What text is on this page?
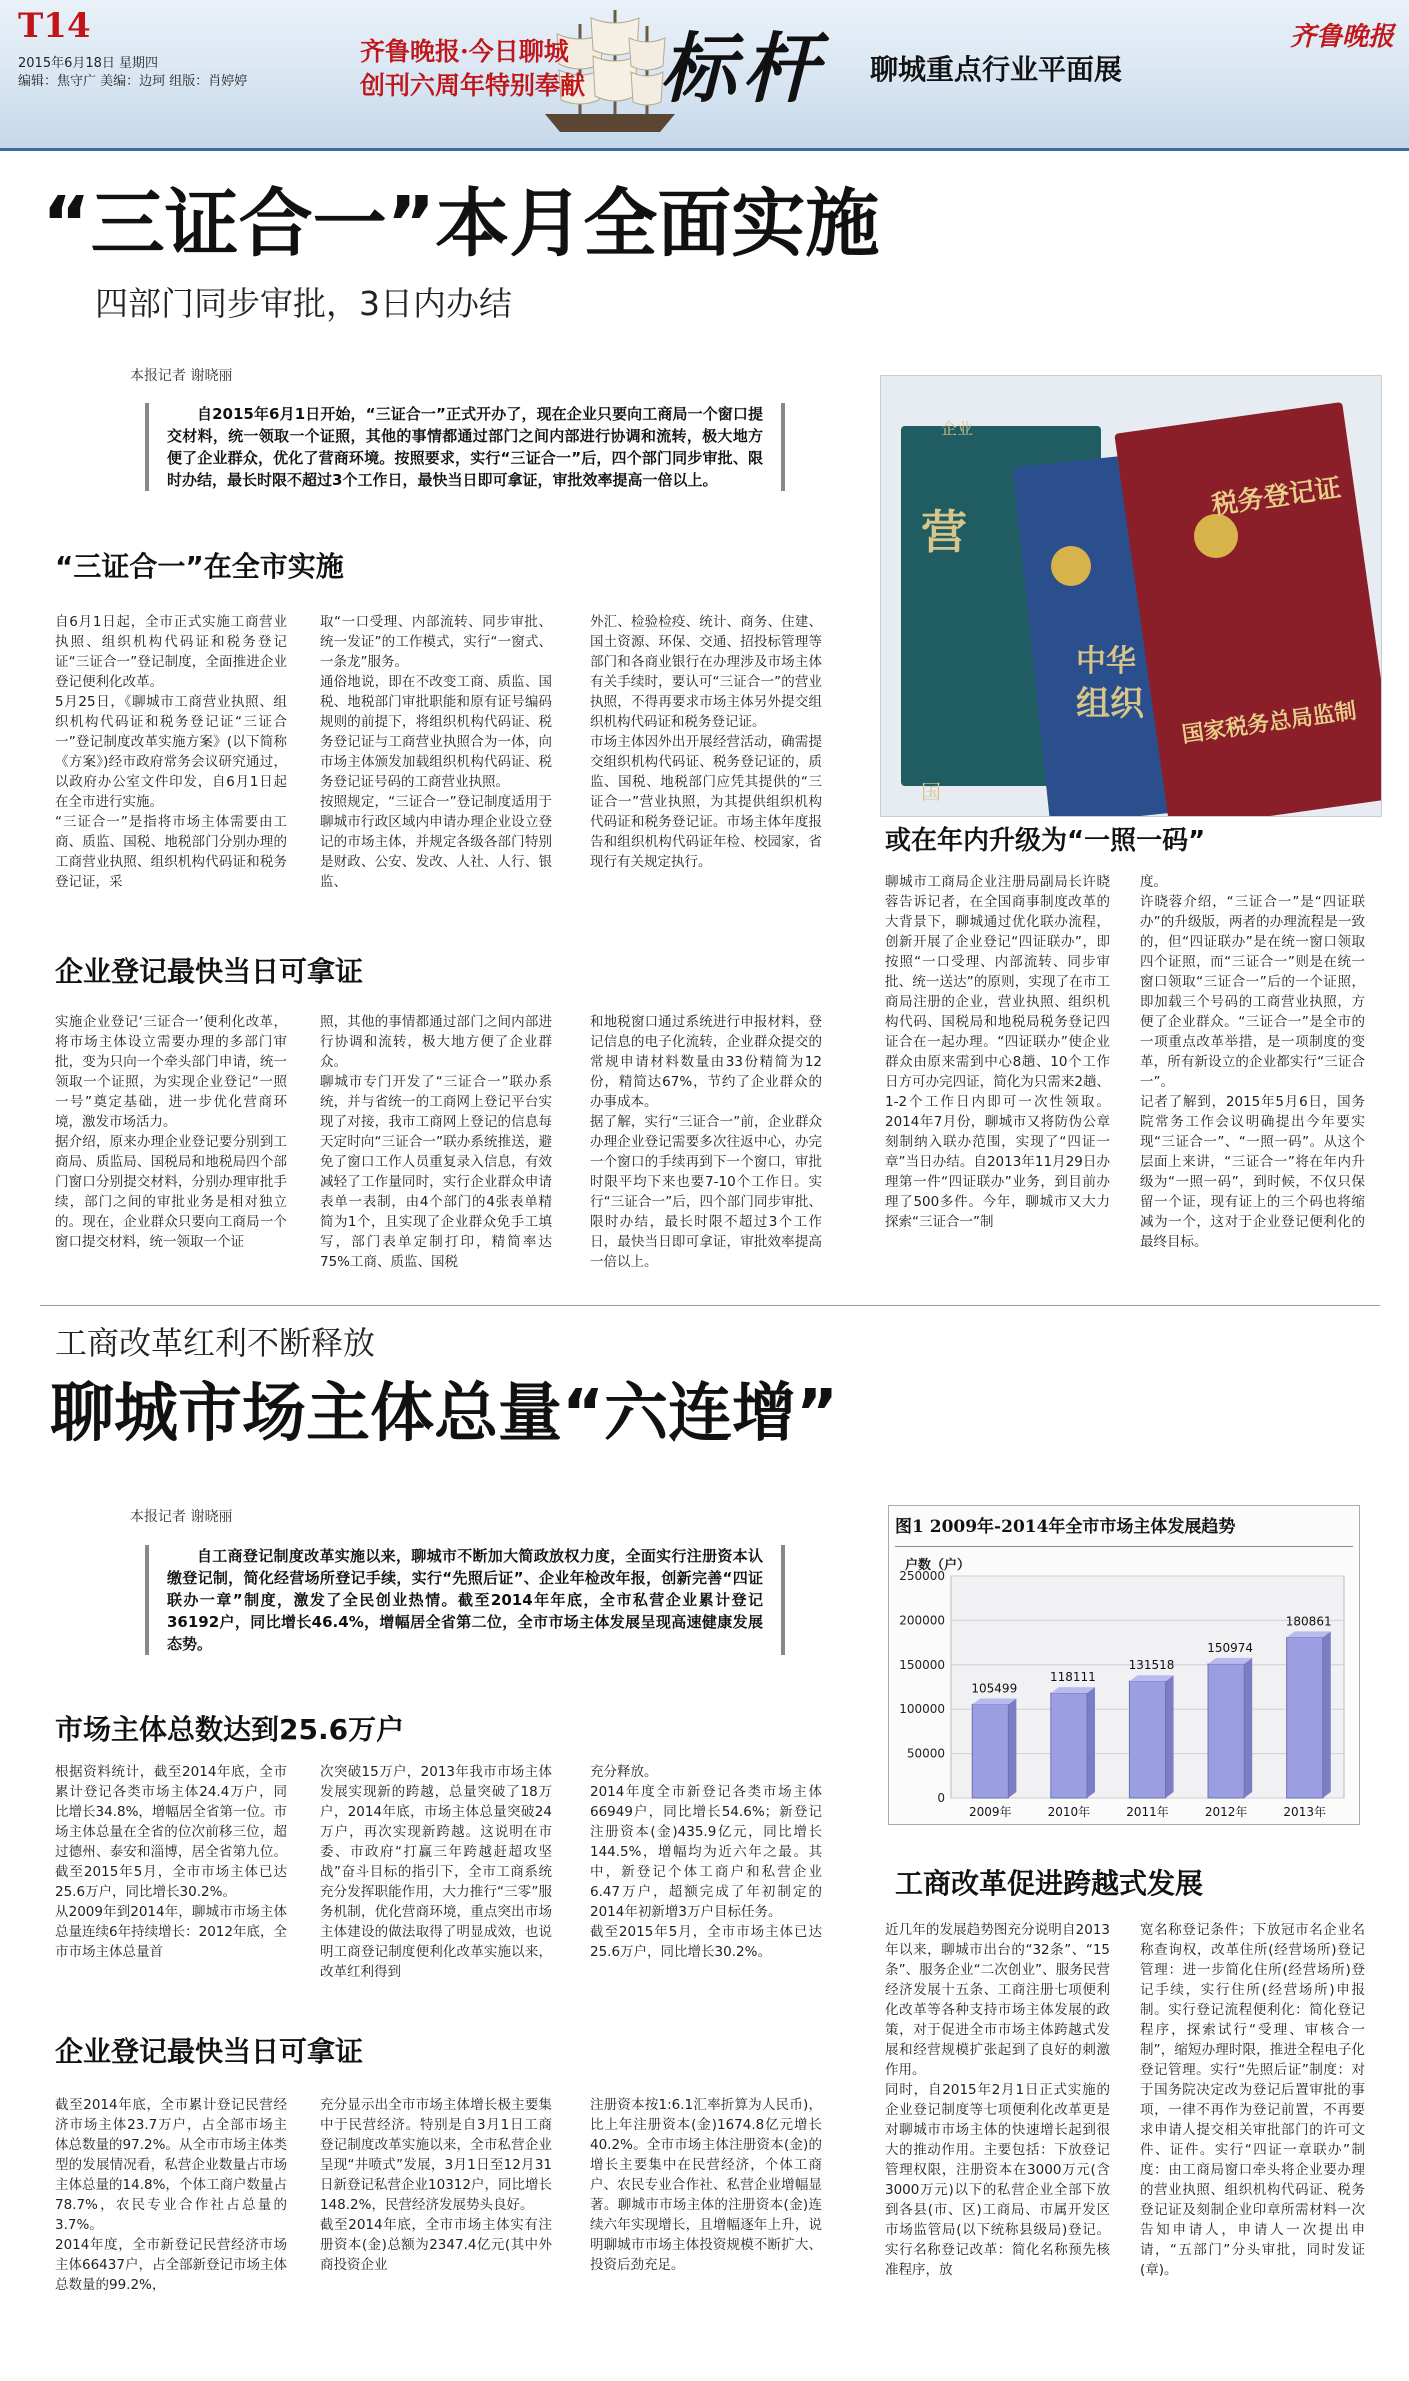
T14
2015年6月18日 星期四
编辑：焦守广 美编：边珂 组版：肖婷婷
齐鲁晚报·今日聊城
创刊六周年特别奉献 标杆 聊城重点行业平面展
齐鲁晚报
“三证合一”本月全面实施
四部门同步审批，3日内办结
本报记者 谢晓丽
自2015年6月1日开始，“三证合一”正式开办了，现在企业只要向工商局一个窗口提交材料，统一领取一个证照，其他的事情都通过部门之间内部进行协调和流转，极大地方便了企业群众，优化了营商环境。按照要求，实行“三证合一”后，四个部门同步审批、限时办结，最长时限不超过3个工作日，最快当日即可拿证，审批效率提高一倍以上。
“三证合一”在全市实施
自6月1日起，全市正式实施工商营业执照、组织机构代码证和税务登记证“三证合一”登记制度，全面推进企业登记便利化改革。
5月25日，《聊城市工商营业执照、组织机构代码证和税务登记证“三证合一”登记制度改革实施方案》(以下简称《方案》)经市政府常务会议研究通过，以政府办公室文件印发，自6月1日起在全市进行实施。
“三证合一”是指将市场主体需要由工商、质监、国税、地税部门分别办理的工商营业执照、组织机构代码证和税务登记证，采
取“一口受理、内部流转、同步审批、统一发证”的工作模式，实行“一窗式、一条龙”服务。
通俗地说，即在不改变工商、质监、国税、地税部门审批职能和原有证号编码规则的前提下，将组织机构代码证、税务登记证与工商营业执照合为一体，向市场主体颁发加载组织机构代码证、税务登记证号码的工商营业执照。
按照规定，“三证合一”登记制度适用于聊城市行政区域内申请办理企业设立登记的市场主体，并规定各级各部门特别是财政、公安、发改、人社、人行、银监、
外汇、检验检疫、统计、商务、住建、国土资源、环保、交通、招投标管理等部门和各商业银行在办理涉及市场主体有关手续时，要认可“三证合一”的营业执照，不得再要求市场主体另外提交组织机构代码证和税务登记证。
市场主体因外出开展经营活动，确需提交组织机构代码证、税务登记证的，质监、国税、地税部门应凭其提供的“三证合一”营业执照，为其提供组织机构代码证和税务登记证。市场主体年度报告和组织机构代码证年检、校园家，省现行有关规定执行。
企业登记最快当日可拿证
实施企业登记‘三证合一’便利化改革，将市场主体设立需要办理的多部门审批，变为只向一个牵头部门申请，统一领取一个证照，为实现企业登记“一照一号”奠定基础，进一步优化营商环境，激发市场活力。
据介绍，原来办理企业登记要分别到工商局、质监局、国税局和地税局四个部门窗口分别提交材料，分别办理审批手续，部门之间的审批业务是相对独立的。现在，企业群众只要向工商局一个窗口提交材料，统一领取一个证
照，其他的事情都通过部门之间内部进行协调和流转，极大地方便了企业群众。
聊城市专门开发了“三证合一”联办系统，并与省统一的工商网上登记平台实现了对接，我市工商网上登记的信息每天定时向“三证合一”联办系统推送，避免了窗口工作人员重复录入信息，有效减轻了工作量同时，实行企业群众申请表单一表制，由4个部门的4张表单精简为1个，且实现了企业群众免手工填写，部门表单定制打印，精简率达75%工商、质监、国税
和地税窗口通过系统进行申报材料，登记信息的电子化流转，企业群众提交的常规申请材料数量由33份精简为12份，精简达67%，节约了企业群众的办事成本。
据了解，实行“三证合一”前，企业群众办理企业登记需要多次往返中心，办完一个窗口的手续再到下一个窗口，审批时限平均下来也要7-10个工作日。实行“三证合一”后，四个部门同步审批、限时办结，最长时限不超过3个工作日，最快当日即可拿证，审批效率提高一倍以上。
营
企业
中华
组织
国
税务登记证
国家税务总局监制
或在年内升级为“一照一码”
聊城市工商局企业注册局副局长许晓蓉告诉记者，在全国商事制度改革的大背景下，聊城通过优化联办流程，创新开展了企业登记“四证联办”，即按照“一口受理、内部流转、同步审批、统一送达”的原则，实现了在市工商局注册的企业，营业执照、组织机构代码、国税局和地税局税务登记四证合在一起办理。“四证联办”使企业群众由原来需到中心8趟、10个工作日方可办完四证，简化为只需来2趟、1-2个工作日内即可一次性领取。2014年7月份，聊城市又将防伪公章刻制纳入联办范围，实现了“四证一章”当日办结。自2013年11月29日办理第一件“四证联办”业务，到目前办理了500多件。今年，聊城市又大力探索“三证合一”制
度。
许晓蓉介绍，“三证合一”是“四证联办”的升级版，两者的办理流程是一致的，但“四证联办”是在统一窗口领取四个证照，而“三证合一”则是在统一窗口领取“三证合一”后的一个证照，即加载三个号码的工商营业执照，方便了企业群众。“三证合一”是全市的一项重点改革举措，是一项制度的变革，所有新设立的企业都实行“三证合一”。
记者了解到，2015年5月6日，国务院常务工作会议明确提出今年要实现“三证合一”、“一照一码”。从这个层面上来讲，“三证合一”将在年内升级为“一照一码”，到时候，不仅只保留一个证，现有证上的三个码也将缩减为一个，这对于企业登记便利化的最终目标。
工商改革红利不断释放
聊城市场主体总量“六连增”
本报记者 谢晓丽
自工商登记制度改革实施以来，聊城市不断加大简政放权力度，全面实行注册资本认缴登记制，简化经营场所登记手续，实行“先照后证”、企业年检改年报，创新完善“四证联办一章”制度，激发了全民创业热情。截至2014年年底，全市私营企业累计登记36192户，同比增长46.4%，增幅居全省第二位，全市市场主体发展呈现高速健康发展态势。
市场主体总数达到25.6万户
根据资料统计，截至2014年底，全市累计登记各类市场主体24.4万户，同比增长34.8%，增幅居全省第一位。市场主体总量在全省的位次前移三位，超过德州、泰安和淄博，居全省第九位。截至2015年5月，全市市场主体已达25.6万户，同比增长30.2%。
从2009年到2014年，聊城市市场主体总量连续6年持续增长：2012年底，全市市场主体总量首
次突破15万户，2013年我市市场主体发展实现新的跨越，总量突破了18万户，2014年底，市场主体总量突破24万户，再次实现新跨越。这说明在市委、市政府“打赢三年跨越赶超攻坚战”奋斗目标的指引下，全市工商系统充分发挥职能作用，大力推行“三零”服务机制，优化营商环境，重点突出市场主体建设的做法取得了明显成效，也说明工商登记制度便利化改革实施以来，改革红利得到
充分释放。
2014年度全市新登记各类市场主体66949户，同比增长54.6%；新登记注册资本(金)435.9亿元，同比增长144.5%，增幅均为近六年之最。其中，新登记个体工商户和私营企业6.47万户，超额完成了年初制定的2014年初新增3万户目标任务。
截至2015年5月，全市市场主体已达25.6万户，同比增长30.2%。
企业登记最快当日可拿证
截至2014年底，全市累计登记民营经济市场主体23.7万户，占全部市场主体总数量的97.2%。从全市市场主体类型的发展情况看，私营企业数量占市场主体总量的14.8%，个体工商户数量占78.7%，农民专业合作社占总量的3.7%。
2014年度，全市新登记民营经济市场主体66437户，占全部新登记市场主体总数量的99.2%，
充分显示出全市市场主体增长极主要集中于民营经济。特别是自3月1日工商登记制度改革实施以来，全市私营企业呈现“井喷式”发展，3月1日至12月31日新登记私营企业10312户，同比增长148.2%，民营经济发展势头良好。
截至2014年底，全市市场主体实有注册资本(金)总额为2347.4亿元(其中外商投资企业
注册资本按1:6.1汇率折算为人民币)，比上年注册资本(金)1674.8亿元增长40.2%。全市市场主体注册资本(金)的增长主要集中在民营经济，个体工商户、农民专业合作社、私营企业增幅显著。聊城市市场主体的注册资本(金)连续六年实现增长，且增幅逐年上升，说明聊城市市场主体投资规模不断扩大、投资后劲充足。
图1 2009年-2014年全市市场主体发展趋势
户数（户）
0
50000
100000
150000
200000
250000
105499
2009年
118111
2010年
131518
2011年
150974
2012年
180861
2013年
工商改革促进跨越式发展
近几年的发展趋势图充分说明自2013年以来，聊城市出台的“32条”、“15条”、服务企业“二次创业”、服务民营经济发展十五条、工商注册七项便利化改革等各种支持市场主体发展的政策，对于促进全市市场主体跨越式发展和经营规模扩张起到了良好的刺激作用。
同时，自2015年2月1日正式实施的企业登记制度等七项便利化改革更是对聊城市市场主体的快速增长起到很大的推动作用。主要包括：下放登记管理权限，注册资本在3000万元(含3000万元)以下的私营企业全部下放到各县(市、区)工商局、市属开发区市场监管局(以下统称县级局)登记。实行名称登记改革：简化名称预先核准程序，放
宽名称登记条件；下放冠市名企业名称查询权，改革住所(经营场所)登记管理：进一步简化住所(经营场所)登记手续，实行住所(经营场所)申报制。实行登记流程便利化：简化登记程序，探索试行“受理、审核合一制”，缩短办理时限，推进全程电子化登记管理。实行“先照后证”制度：对于国务院决定改为登记后置审批的事项，一律不再作为登记前置，不再要求申请人提交相关审批部门的许可文件、证件。实行“四证一章联办”制度：由工商局窗口牵头将企业要办理的营业执照、组织机构代码证、税务登记证及刻制企业印章所需材料一次告知申请人，申请人一次提出申请，“五部门”分头审批，同时发证(章)。
